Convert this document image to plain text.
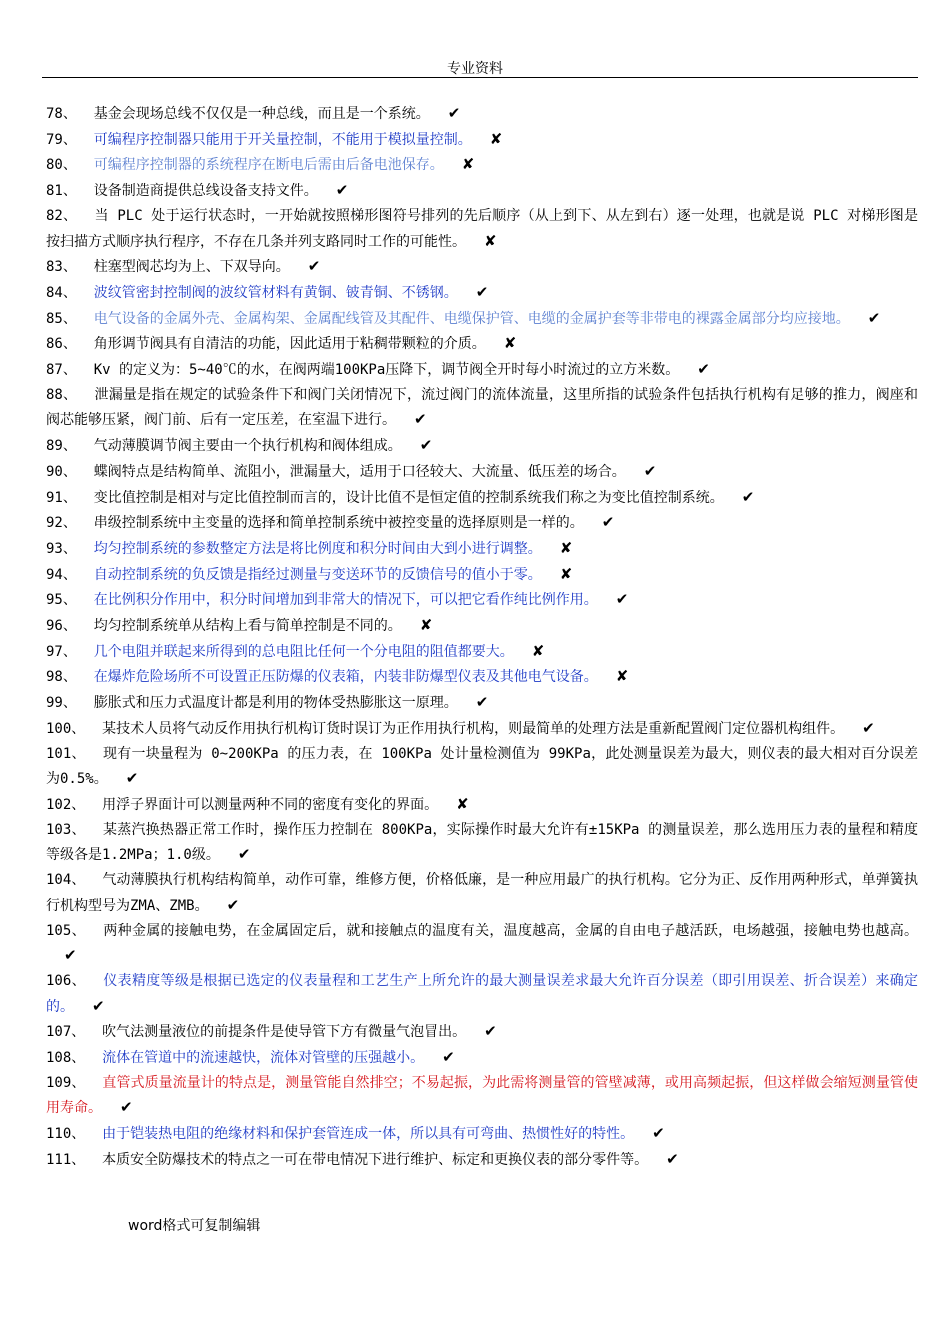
专业资料

78、 基金会现场总线不仅仅是一种总线，而且是一个系统。 ✔

79、 可编程序控制器只能用于开关量控制，不能用于模拟量控制。 ✘

80、 可编程序控制器的系统程序在断电后需由后备电池保存。 ✘

81、 设备制造商提供总线设备支持文件。 ✔

82、 当 PLC 处于运行状态时，一开始就按照梯形图符号排列的先后顺序（从上到下、从左到右）逐一处理，也就是说 PLC 对梯形图是按扫描方式顺序执行程序，不存在几条并列支路同时工作的可能性。 ✘

83、 柱塞型阀芯均为上、下双导向。 ✔

84、 波纹管密封控制阀的波纹管材料有黄铜、铍青铜、不锈钢。 ✔

85、 电气设备的金属外壳、金属构架、金属配线管及其配件、电缆保护管、电缆的金属护套等非带电的裸露金属部分均应接地。 ✔

86、 角形调节阀具有自清洁的功能，因此适用于粘稠带颗粒的介质。 ✘

87、 Kv 的定义为：5~40℃的水，在阀两端100KPa压降下，调节阀全开时每小时流过的立方米数。 ✔

88、 泄漏量是指在规定的试验条件下和阀门关闭情况下，流过阀门的流体流量，这里所指的试验条件包括执行机构有足够的推力，阀座和阀芯能够压紧，阀门前、后有一定压差，在室温下进行。 ✔

89、 气动薄膜调节阀主要由一个执行机构和阀体组成。 ✔

90、 蝶阀特点是结构简单、流阻小，泄漏量大，适用于口径较大、大流量、低压差的场合。 ✔

91、 变比值控制是相对与定比值控制而言的，设计比值不是恒定值的控制系统我们称之为变比值控制系统。 ✔

92、 串级控制系统中主变量的选择和简单控制系统中被控变量的选择原则是一样的。 ✔

93、 均匀控制系统的参数整定方法是将比例度和积分时间由大到小进行调整。 ✘

94、 自动控制系统的负反馈是指经过测量与变送环节的反馈信号的值小于零。 ✘

95、 在比例积分作用中，积分时间增加到非常大的情况下，可以把它看作纯比例作用。 ✔

96、 均匀控制系统单从结构上看与简单控制是不同的。 ✘

97、 几个电阻并联起来所得到的总电阻比任何一个分电阻的阻值都要大。 ✘

98、 在爆炸危险场所不可设置正压防爆的仪表箱，内装非防爆型仪表及其他电气设备。 ✘

99、 膨胀式和压力式温度计都是利用的物体受热膨胀这一原理。 ✔

100、 某技术人员将气动反作用执行机构订货时误订为正作用执行机构，则最简单的处理方法是重新配置阀门定位器机构组件。 ✔

101、 现有一块量程为 0~200KPa 的压力表，在 100KPa 处计量检测值为 99KPa，此处测量误差为最大，则仪表的最大相对百分误差为0.5%。 ✔

102、 用浮子界面计可以测量两种不同的密度有变化的界面。 ✘

103、 某蒸汽换热器正常工作时，操作压力控制在 800KPa，实际操作时最大允许有±15KPa 的测量误差，那么选用压力表的量程和精度等级各是1.2MPa；1.0级。 ✔

104、 气动薄膜执行机构结构简单，动作可靠，维修方便，价格低廉，是一种应用最广的执行机构。它分为正、反作用两种形式，单弹簧执行机构型号为ZMA、ZMB。 ✔

105、 两种金属的接触电势，在金属固定后，就和接触点的温度有关，温度越高，金属的自由电子越活跃，电场越强，接触电势也越高。✔

106、 仪表精度等级是根据已选定的仪表量程和工艺生产上所允许的最大测量误差求最大允许百分误差（即引用误差、折合误差）来确定的。 ✔

107、 吹气法测量液位的前提条件是使导管下方有微量气泡冒出。 ✔

108、 流体在管道中的流速越快，流体对管壁的压强越小。 ✔

109、 直管式质量流量计的特点是，测量管能自然排空；不易起振，为此需将测量管的管壁减薄，或用高频起振，但这样做会缩短测量管使用寿命。 ✔

110、 由于铠装热电阻的绝缘材料和保护套管连成一体，所以具有可弯曲、热惯性好的特性。 ✔

111、 本质安全防爆技术的特点之一可在带电情况下进行维护、标定和更换仪表的部分零件等。 ✔

word格式可复制编辑
